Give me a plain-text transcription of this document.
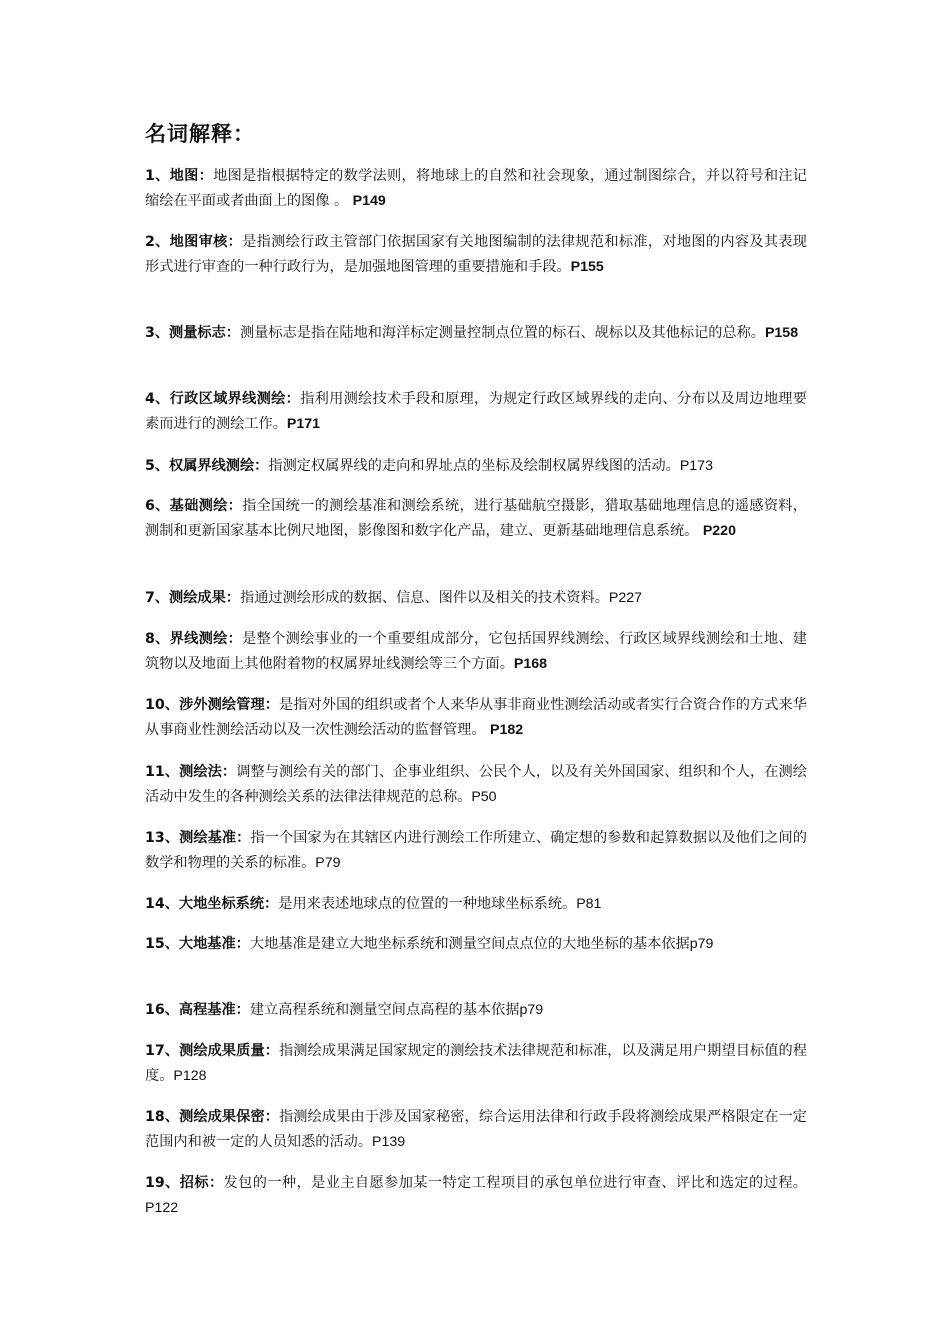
名词解释：

1、地图：地图是指根据特定的数学法则，将地球上的自然和社会现象，通过制图综合，并以符号和注记缩绘在平面或者曲面上的图像 。 P149

2、地图审核：是指测绘行政主管部门依据国家有关地图编制的法律规范和标准，对地图的内容及其表现形式进行审查的一种行政行为，是加强地图管理的重要措施和手段。P155

3、测量标志：测量标志是指在陆地和海洋标定测量控制点位置的标石、觇标以及其他标记的总称。P158

4、行政区域界线测绘：指利用测绘技术手段和原理，为规定行政区域界线的走向、分布以及周边地理要素而进行的测绘工作。P171

5、权属界线测绘：指测定权属界线的走向和界址点的坐标及绘制权属界线图的活动。P173

6、基础测绘：指全国统一的测绘基准和测绘系统，进行基础航空摄影，猎取基础地理信息的遥感资料，测制和更新国家基本比例尺地图，影像图和数字化产品，建立、更新基础地理信息系统。 P220

7、测绘成果：指通过测绘形成的数据、信息、图件以及相关的技术资料。P227

8、界线测绘：是整个测绘事业的一个重要组成部分，它包括国界线测绘、行政区域界线测绘和土地、建筑物以及地面上其他附着物的权属界址线测绘等三个方面。P168

10、涉外测绘管理：是指对外国的组织或者个人来华从事非商业性测绘活动或者实行合资合作的方式来华从事商业性测绘活动以及一次性测绘活动的监督管理。 P182

11、测绘法：调整与测绘有关的部门、企事业组织、公民个人，以及有关外国国家、组织和个人，在测绘活动中发生的各种测绘关系的法律法律规范的总称。P50

13、测绘基准：指一个国家为在其辖区内进行测绘工作所建立、确定想的参数和起算数据以及他们之间的数学和物理的关系的标准。P79

14、大地坐标系统：是用来表述地球点的位置的一种地球坐标系统。P81

15、大地基准：大地基准是建立大地坐标系统和测量空间点点位的大地坐标的基本依据p79

16、高程基准：建立高程系统和测量空间点高程的基本依据p79

17、测绘成果质量：指测绘成果满足国家规定的测绘技术法律规范和标准，以及满足用户期望目标值的程度。P128

18、测绘成果保密：指测绘成果由于涉及国家秘密，综合运用法律和行政手段将测绘成果严格限定在一定范围内和被一定的人员知悉的活动。P139

19、招标：发包的一种，是业主自愿参加某一特定工程项目的承包单位进行审查、评比和选定的过程。P122
